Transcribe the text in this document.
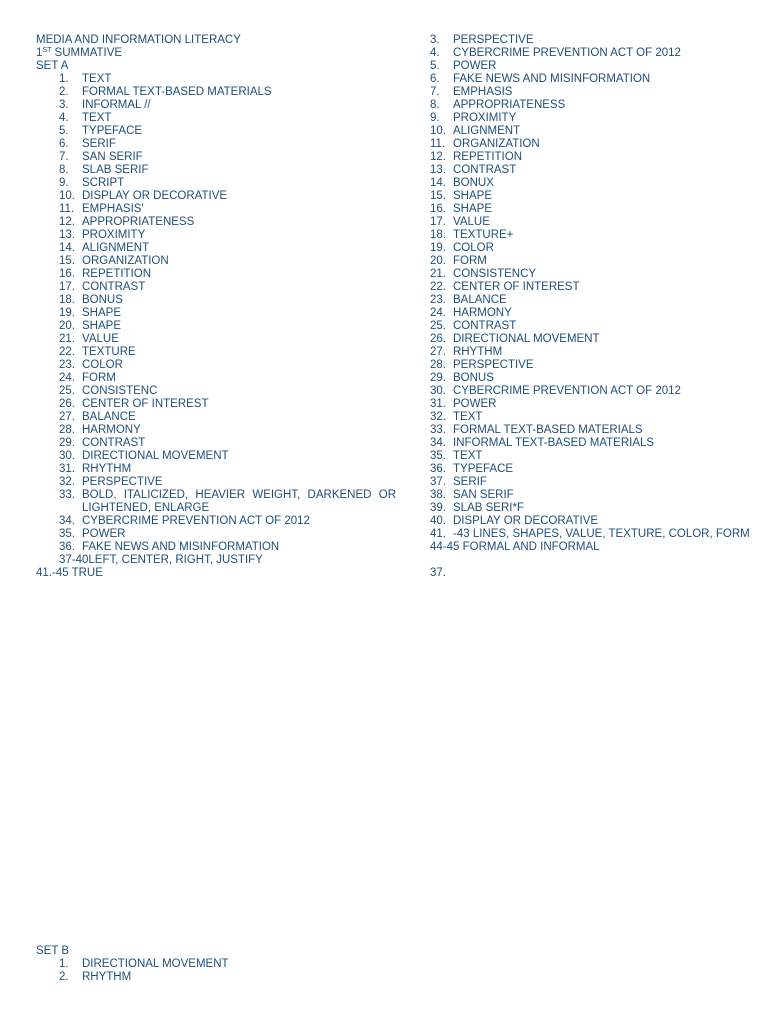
MEDIA AND INFORMATION LITERACY
1ST SUMMATIVE
SET A
1.	TEXT
2.	FORMAL TEXT-BASED MATERIALS
3.	INFORMAL //
4.	TEXT
5.	TYPEFACE
6.	SERIF
7.	SAN SERIF
8.	SLAB SERIF
9.	SCRIPT
10. DISPLAY OR DECORATIVE
11. EMPHASIS'
12. APPROPRIATENESS
13. PROXIMITY
14. ALIGNMENT
15. ORGANIZATION
16. REPETITION
17. CONTRAST
18. BONUS
19. SHAPE
20. SHAPE
21. VALUE
22. TEXTURE
23. COLOR
24. FORM
25. CONSISTENC
26. CENTER OF INTEREST
27. BALANCE
28. HARMONY
29. CONTRAST
30. DIRECTIONAL MOVEMENT
31. RHYTHM
32. PERSPECTIVE
33. BOLD, ITALICIZED, HEAVIER WEIGHT, DARKENED OR LIGHTENED, ENLARGE
34. CYBERCRIME PREVENTION ACT OF 2012
35. POWER
36. FAKE NEWS AND MISINFORMATION
37-40LEFT, CENTER, RIGHT, JUSTIFY
41.-45 TRUE
3.	PERSPECTIVE
4.	CYBERCRIME PREVENTION ACT OF 2012
5.	POWER
6.	FAKE NEWS AND MISINFORMATION
7.	EMPHASIS
8.	APPROPRIATENESS
9.	PROXIMITY
10. ALIGNMENT
11. ORGANIZATION
12. REPETITION
13. CONTRAST
14. BONUX
15. SHAPE
16. SHAPE
17. VALUE
18. TEXTURE+
19. COLOR
20. FORM
21. CONSISTENCY
22. CENTER OF INTEREST
23. BALANCE
24. HARMONY
25. CONTRAST
26. DIRECTIONAL MOVEMENT
27. RHYTHM
28. PERSPECTIVE
29. BONUS
30. CYBERCRIME PREVENTION ACT OF 2012
31. POWER
32. TEXT
33. FORMAL TEXT-BASED MATERIALS
34. INFORMAL TEXT-BASED MATERIALS
35. TEXT
36. TYPEFACE
37. SERIF
38. SAN SERIF
39. SLAB SERI*F
40. DISPLAY OR DECORATIVE
41. -43 LINES, SHAPES, VALUE, TEXTURE, COLOR, FORM
44-45 FORMAL AND INFORMAL
37.
SET B
1.	DIRECTIONAL MOVEMENT
2.	RHYTHM
